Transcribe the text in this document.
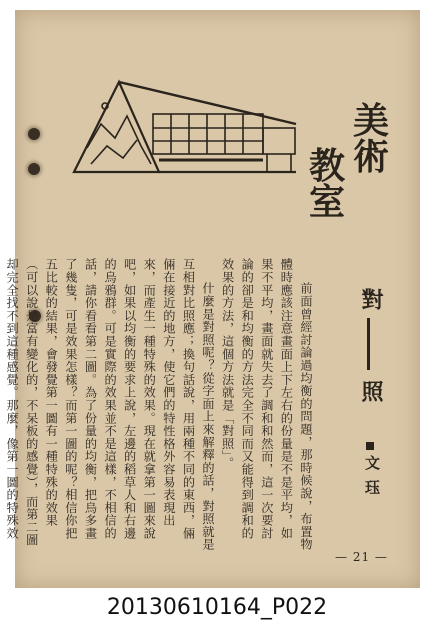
美
術
教
室

前面曾經討論過均衡的問題，那時候說，布置物體時應該注意畫面上下左右的份量是不是平均，如果不平均，畫面就失去了調和和然而，這一次要討論的卻是和均衡的方法完全不同而又能得到調和的效果的方法，這個方法就是「對照」。

什麼是對照呢？從字面上來解釋的話，對照就是互相對比照應；換句話說，用兩種不同的東西，倆倆在接近的地方，使它們的特性格外容易表現出來，而產生一種特殊的效果。現在就拿第一圖來說吧，如果以均衡的要求上說，左邊的稻草人和右邊的烏鴉群。可是實際的效果並不是這樣，不相信的話，請你看看第二圖。為了份量的均衡，把烏多畫了幾隻，可是效果怎樣？而第一圖的呢？相信你把五比較的結果，會發覺第一圖有一種特殊的效果（可以說是富有變化的，不呆板的感覺），而第二圖却完全找不到這種感覺。那麼，像第一圖的特殊效

對
照
文 珏
— 21 —
20130610164_P022
